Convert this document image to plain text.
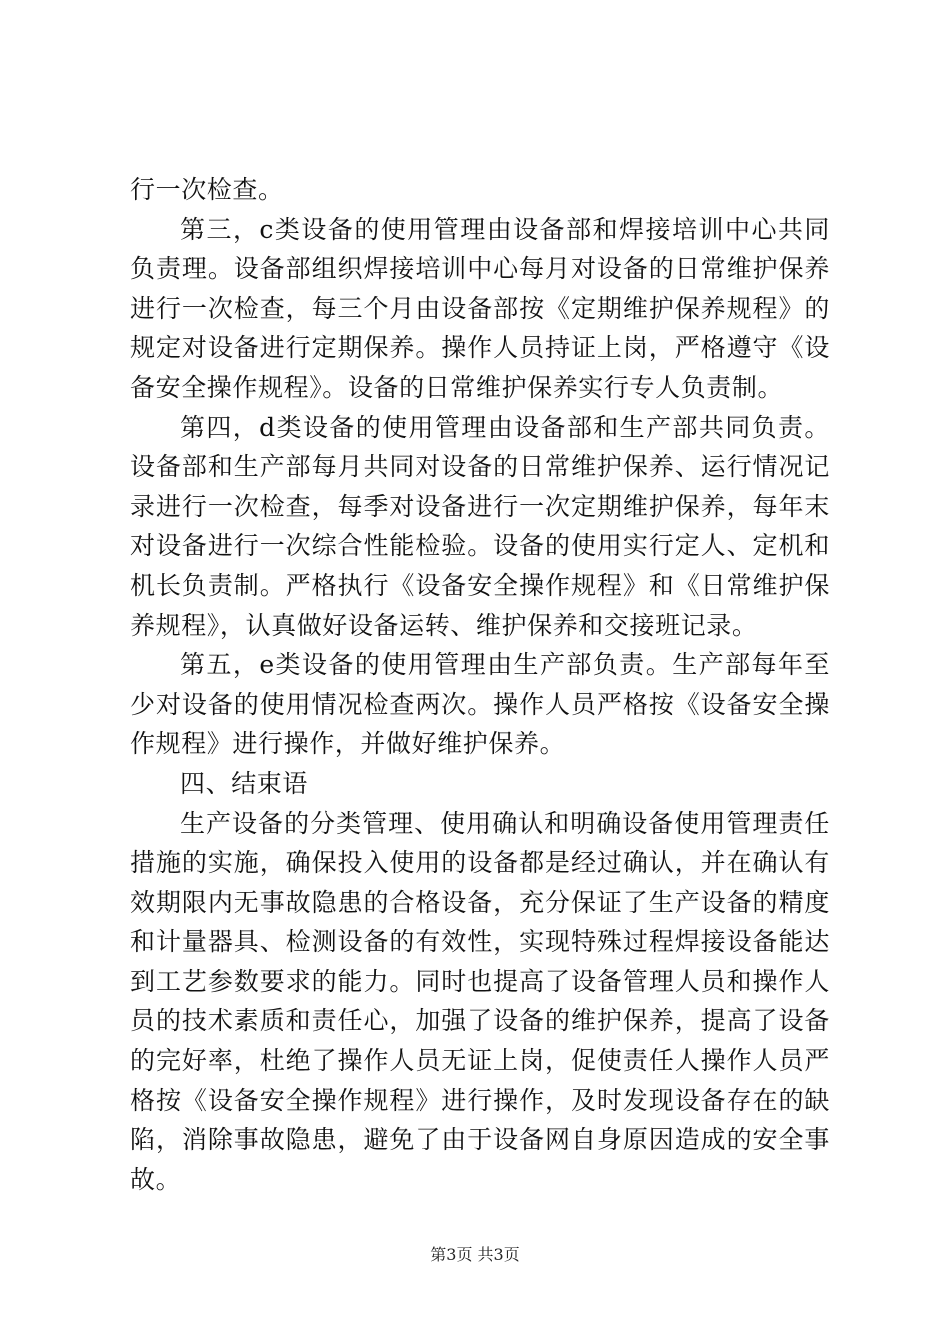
行一次检查。

第三，c类设备的使用管理由设备部和焊接培训中心共同负责理。设备部组织焊接培训中心每月对设备的日常维护保养进行一次检查，每三个月由设备部按《定期维护保养规程》的规定对设备进行定期保养。操作人员持证上岗，严格遵守《设备安全操作规程》。设备的日常维护保养实行专人负责制。

第四，d类设备的使用管理由设备部和生产部共同负责。设备部和生产部每月共同对设备的日常维护保养、运行情况记录进行一次检查，每季对设备进行一次定期维护保养，每年末对设备进行一次综合性能检验。设备的使用实行定人、定机和机长负责制。严格执行《设备安全操作规程》和《日常维护保养规程》，认真做好设备运转、维护保养和交接班记录。

第五，e类设备的使用管理由生产部负责。生产部每年至少对设备的使用情况检查两次。操作人员严格按《设备安全操作规程》进行操作，并做好维护保养。

四、结束语

生产设备的分类管理、使用确认和明确设备使用管理责任措施的实施，确保投入使用的设备都是经过确认，并在确认有效期限内无事故隐患的合格设备，充分保证了生产设备的精度和计量器具、检测设备的有效性，实现特殊过程焊接设备能达到工艺参数要求的能力。同时也提高了设备管理人员和操作人员的技术素质和责任心，加强了设备的维护保养，提高了设备的完好率，杜绝了操作人员无证上岗，促使责任人操作人员严格按《设备安全操作规程》进行操作，及时发现设备存在的缺陷，消除事故隐患，避免了由于设备网自身原因造成的安全事故。

第3页 共3页
